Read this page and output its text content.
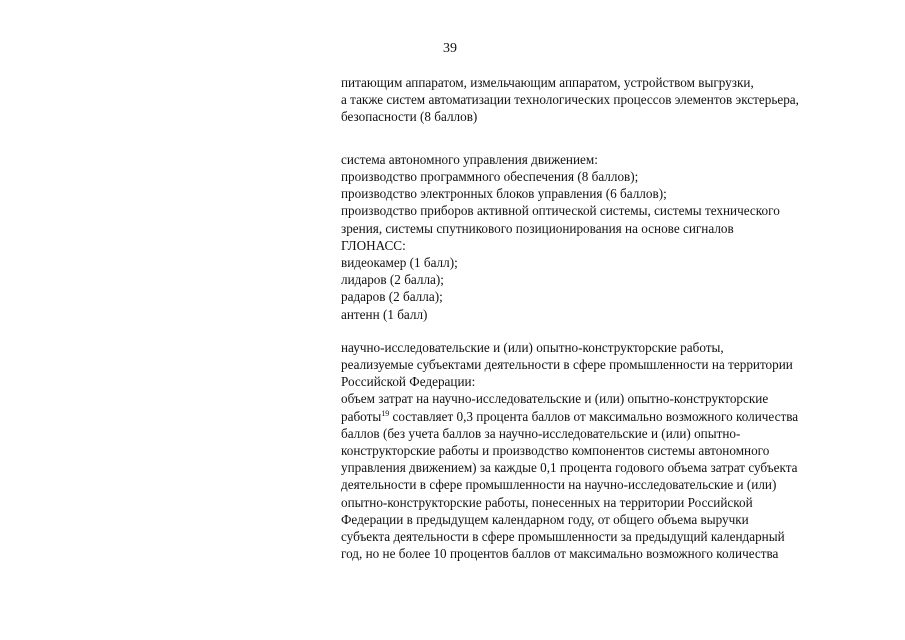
39

питающим аппаратом, измельчающим аппаратом, устройством выгрузки,
а также систем автоматизации технологических процессов элементов экстерьера,
безопасности (8 баллов)

система автономного управления движением:
производство программного обеспечения (8 баллов);
производство электронных блоков управления (6 баллов);
производство приборов активной оптической системы, системы технического
зрения, системы спутникового позиционирования на основе сигналов
ГЛОНАСС:
видеокамер (1 балл);
лидаров (2 балла);
радаров (2 балла);
антенн (1 балл)

научно-исследовательские и (или) опытно-конструкторские работы,
реализуемые субъектами деятельности в сфере промышленности на территории
Российской Федерации:
объем затрат на научно-исследовательские и (или) опытно-конструкторские
работы$^{19}$ составляет 0,3 процента баллов от максимально возможного количества
баллов (без учета баллов за научно-исследовательские и (или) опытно-
конструкторские работы и производство компонентов системы автономного
управления движением) за каждые 0,1 процента годового объема затрат субъекта
деятельности в сфере промышленности на научно-исследовательские и (или)
опытно-конструкторские работы, понесенных на территории Российской
Федерации в предыдущем календарном году, от общего объема выручки
субъекта деятельности в сфере промышленности за предыдущий календарный
год, но не более 10 процентов баллов от максимально возможного количества
